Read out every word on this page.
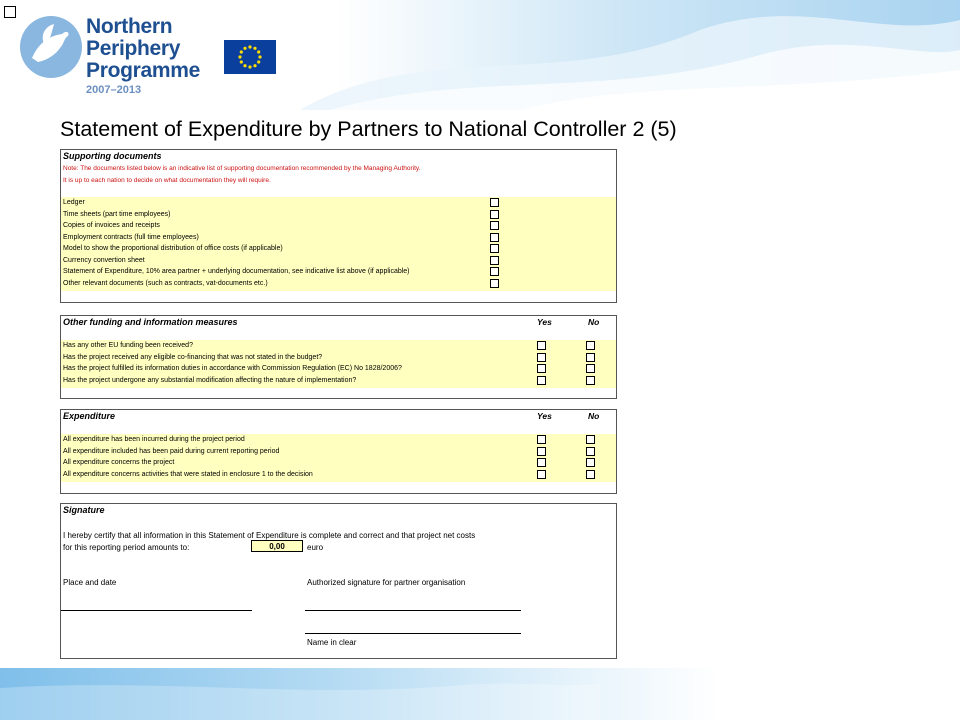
Northern
Periphery
Programme
2007–2013
Statement of Expenditure by Partners to National Controller 2 (5)
Supporting documents
Note: The documents listed below is an indicative list of supporting documentation recommended by the Managing Authority.
It is up to each nation to decide on what documentation they will require.
Ledger
Time sheets (part time employees)
Copies of invoices and receipts
Employment contracts (full time employees)
Model to show the proportional distribution of office costs (if applicable)
Currency convertion sheet
Statement of Expenditure, 10% area partner + underlying documentation, see indicative list above (if applicable)
Other relevant documents (such as contracts, vat-documents etc.)
Other funding and information measures	Yes	No
Has any other EU funding been received?
Has the project received any eligible co-financing that was not stated in the budget?
Has the project fulfilled its information duties in accordance with Commission Regulation (EC) No 1828/2006?
Has the project undergone any substantial modification affecting the nature of implementation?
Expenditure	Yes	No
All expenditure has been incurred during the project period
All expenditure included has been paid during current reporting period
All expenditure concerns the project
All expenditure concerns activities that were stated in enclosure 1 to the decision
Signature
I hereby certify that all information in this Statement of Expenditure is complete and correct and that project net costs
for this reporting period amounts to:	0,00	euro
Place and date	Authorized signature for partner organisation
Name in clear
